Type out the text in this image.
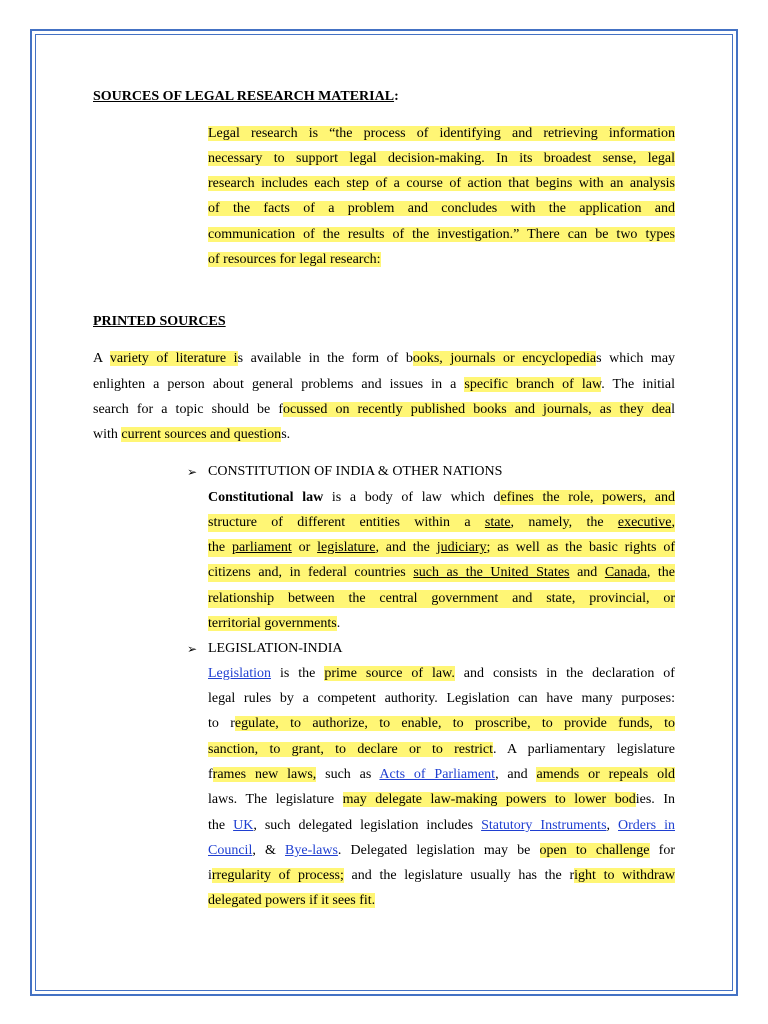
SOURCES OF LEGAL RESEARCH MATERIAL:
Legal research is “the process of identifying and retrieving information
necessary to support legal decision-making. In its broadest sense, legal
research includes each step of a course of action that begins with an analysis
of the facts of a problem and concludes with the application and
communication of the results of the investigation.” There can be two types
of resources for legal research:
PRINTED SOURCES
A variety of literature is available in the form of books, journals or encyclopedias which may
enlighten a person about general problems and issues in a specific branch of law. The initial
search for a topic should be focussed on recently published books and journals, as they deal
with current sources and questions.
➢ CONSTITUTION OF INDIA & OTHER NATIONS
Constitutional law is a body of law which defines the role, powers, and
structure of different entities within a state, namely, the executive,
the parliament or legislature, and the judiciary; as well as the basic rights of
citizens and, in federal countries such as the United States and Canada, the
relationship between the central government and state, provincial, or
territorial governments.
➢ LEGISLATION-INDIA
Legislation is the prime source of law. and consists in the declaration of
legal rules by a competent authority. Legislation can have many purposes:
to regulate, to authorize, to enable, to proscribe, to provide funds, to
sanction, to grant, to declare or to restrict. A parliamentary legislature
frames new laws, such as Acts of Parliament, and amends or repeals old
laws. The legislature may delegate law-making powers to lower bodies. In
the UK, such delegated legislation includes Statutory Instruments, Orders in
Council, & Bye-laws. Delegated legislation may be open to challenge for
irregularity of process; and the legislature usually has the right to withdraw
delegated powers if it sees fit.
